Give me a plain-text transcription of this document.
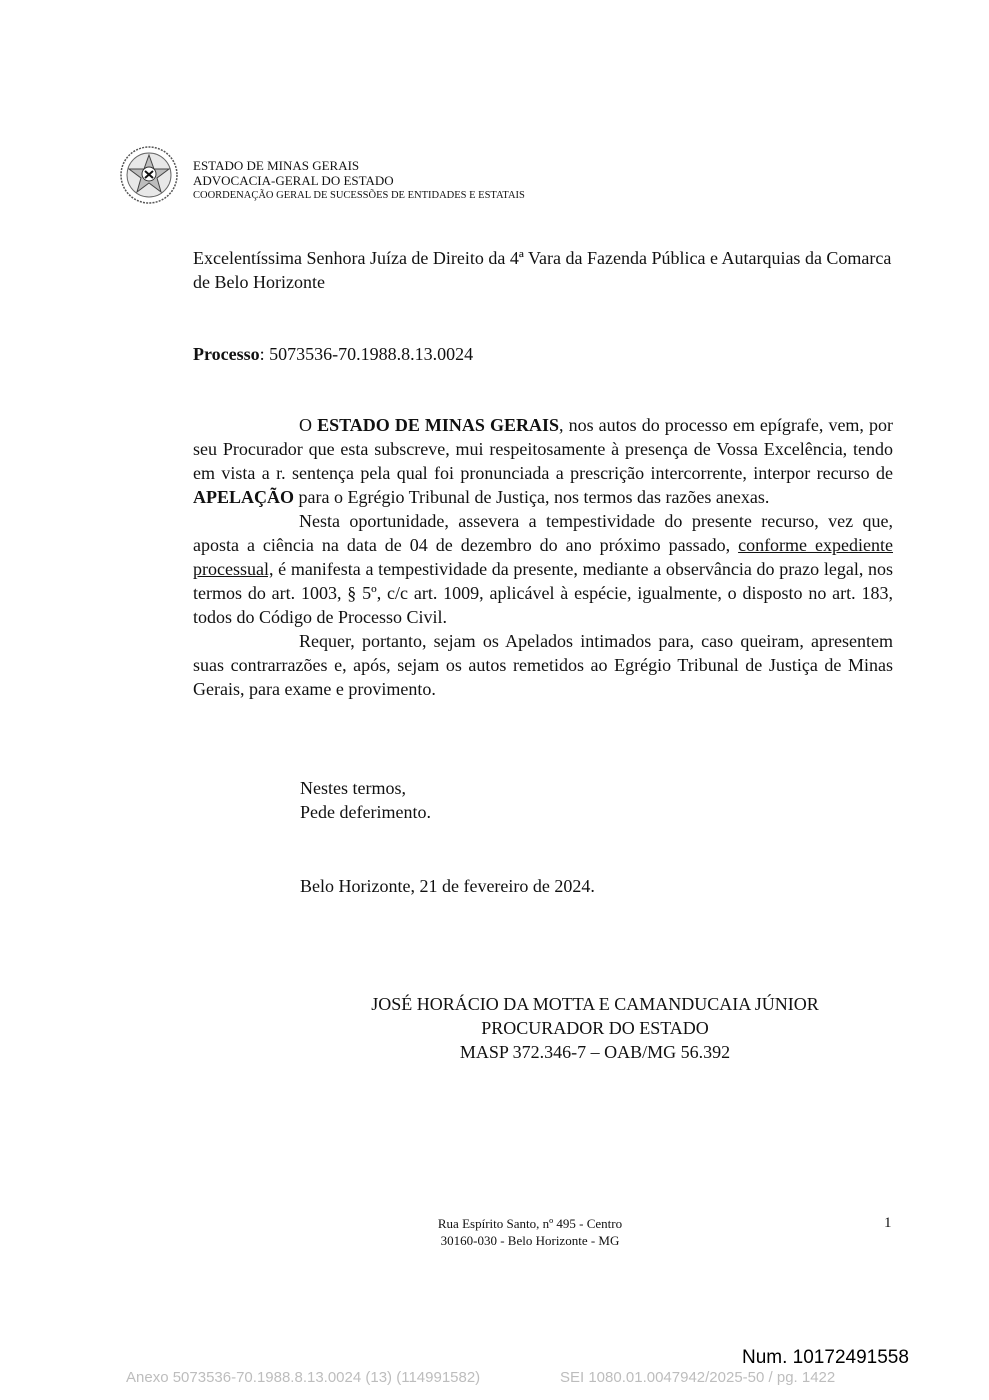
ESTADO DE MINAS GERAIS
ADVOCACIA-GERAL DO ESTADO
COORDENAÇÃO GERAL DE SUCESSÕES DE ENTIDADES E ESTATAIS
Excelentíssima Senhora Juíza de Direito da 4ª Vara da Fazenda Pública e Autarquias da Comarca de Belo Horizonte
Processo: 5073536-70.1988.8.13.0024

O ESTADO DE MINAS GERAIS, nos autos do processo em epígrafe, vem, por seu Procurador que esta subscreve, mui respeitosamente à presença de Vossa Excelência, tendo em vista a r. sentença pela qual foi pronunciada a prescrição intercorrente, interpor recurso de APELAÇÃO para o Egrégio Tribunal de Justiça, nos termos das razões anexas.

Nesta oportunidade, assevera a tempestividade do presente recurso, vez que, aposta a ciência na data de 04 de dezembro do ano próximo passado, conforme expediente processual, é manifesta a tempestividade da presente, mediante a observância do prazo legal, nos termos do art. 1003, § 5º, c/c art. 1009, aplicável à espécie, igualmente, o disposto no art. 183, todos do Código de Processo Civil.

Requer, portanto, sejam os Apelados intimados para, caso queiram, apresentem suas contrarrazões e, após, sejam os autos remetidos ao Egrégio Tribunal de Justiça de Minas Gerais, para exame e provimento.

Nestes termos,
Pede deferimento.
Belo Horizonte, 21 de fevereiro de 2024.
JOSÉ HORÁCIO DA MOTTA E CAMANDUCAIA JÚNIOR
PROCURADOR DO ESTADO
MASP 372.346-7 – OAB/MG 56.392
Rua Espírito Santo, nº 495 - Centro
30160-030 - Belo Horizonte - MG
1
Num. 10172491558
Anexo 5073536-70.1988.8.13.0024 (13) (114991582)	SEI 1080.01.0047942/2025-50 / pg. 1422
